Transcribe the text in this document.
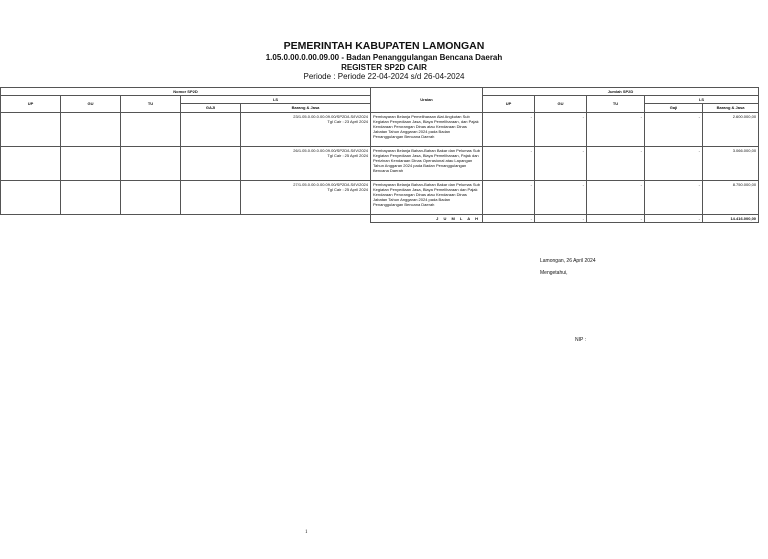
PEMERINTAH KABUPATEN LAMONGAN
1.05.0.00.0.00.09.00 - Badan Penanggulangan Bencana Daerah
REGISTER SP2D CAIR
Periode : Periode 22-04-2024 s/d 26-04-2024
Nomor SP2D					Uraian	Jumlah SP2D				
UP	GU	TU	LS			UP	GU	TU	LS	
			GAJI	Barang & Jasa					Gaji	Barang & Jasa
				23/1.05.0.00.0.00.09.00/SP2D/LS/IV/2024
Tgl Cair : 23 April 2024	Pembayaran Belanja Pemeliharaan Alat Angkutan Sub Kegiatan Penyediaan Jasa, Biaya Pemeliharaan, dan Pajak Kendaraan Perorangan Dinas atau Kendaraan Dinas Jabatan Tahun Anggaran 2024 pada Badan Penanggulangan Bencana Daerah	-	-	-	-	2.600.000,00
				26/1.05.0.00.0.00.09.00/SP2D/LS/IV/2024
Tgl Cair : 25 April 2024	Pembayaran Belanja Bahan-Bahan Bakar dan Pelumas Sub Kegiatan Penyediaan Jasa, Biaya Pemeliharaan, Pajak dan Perizinan Kendaraan Dinas Operasional atau Lapangan Tahun Anggaran 2024 pada Badan Penanggulangan Bencana Daerah	-	-	-	-	3.066.000,00
				27/1.05.0.00.0.00.09.00/SP2D/LS/IV/2024
Tgl Cair : 25 April 2024	Pembayaran Belanja Bahan-Bahan Bakar dan Pelumas Sub Kegiatan Penyediaan Jasa, Biaya Pemeliharaan dan Pajak Kendaraan Perorangan Dinas atau Kendaraan Dinas Jabatan Tahun Anggaran 2024 pada Badan Penanggulangan Bencana Daerah	-	-	-	-	8.750.000,00
					J U M L A H	-	-	-	-	14.416.000,00
Lamongan, 26 April 2024
Mengetahui,
NIP :
1
